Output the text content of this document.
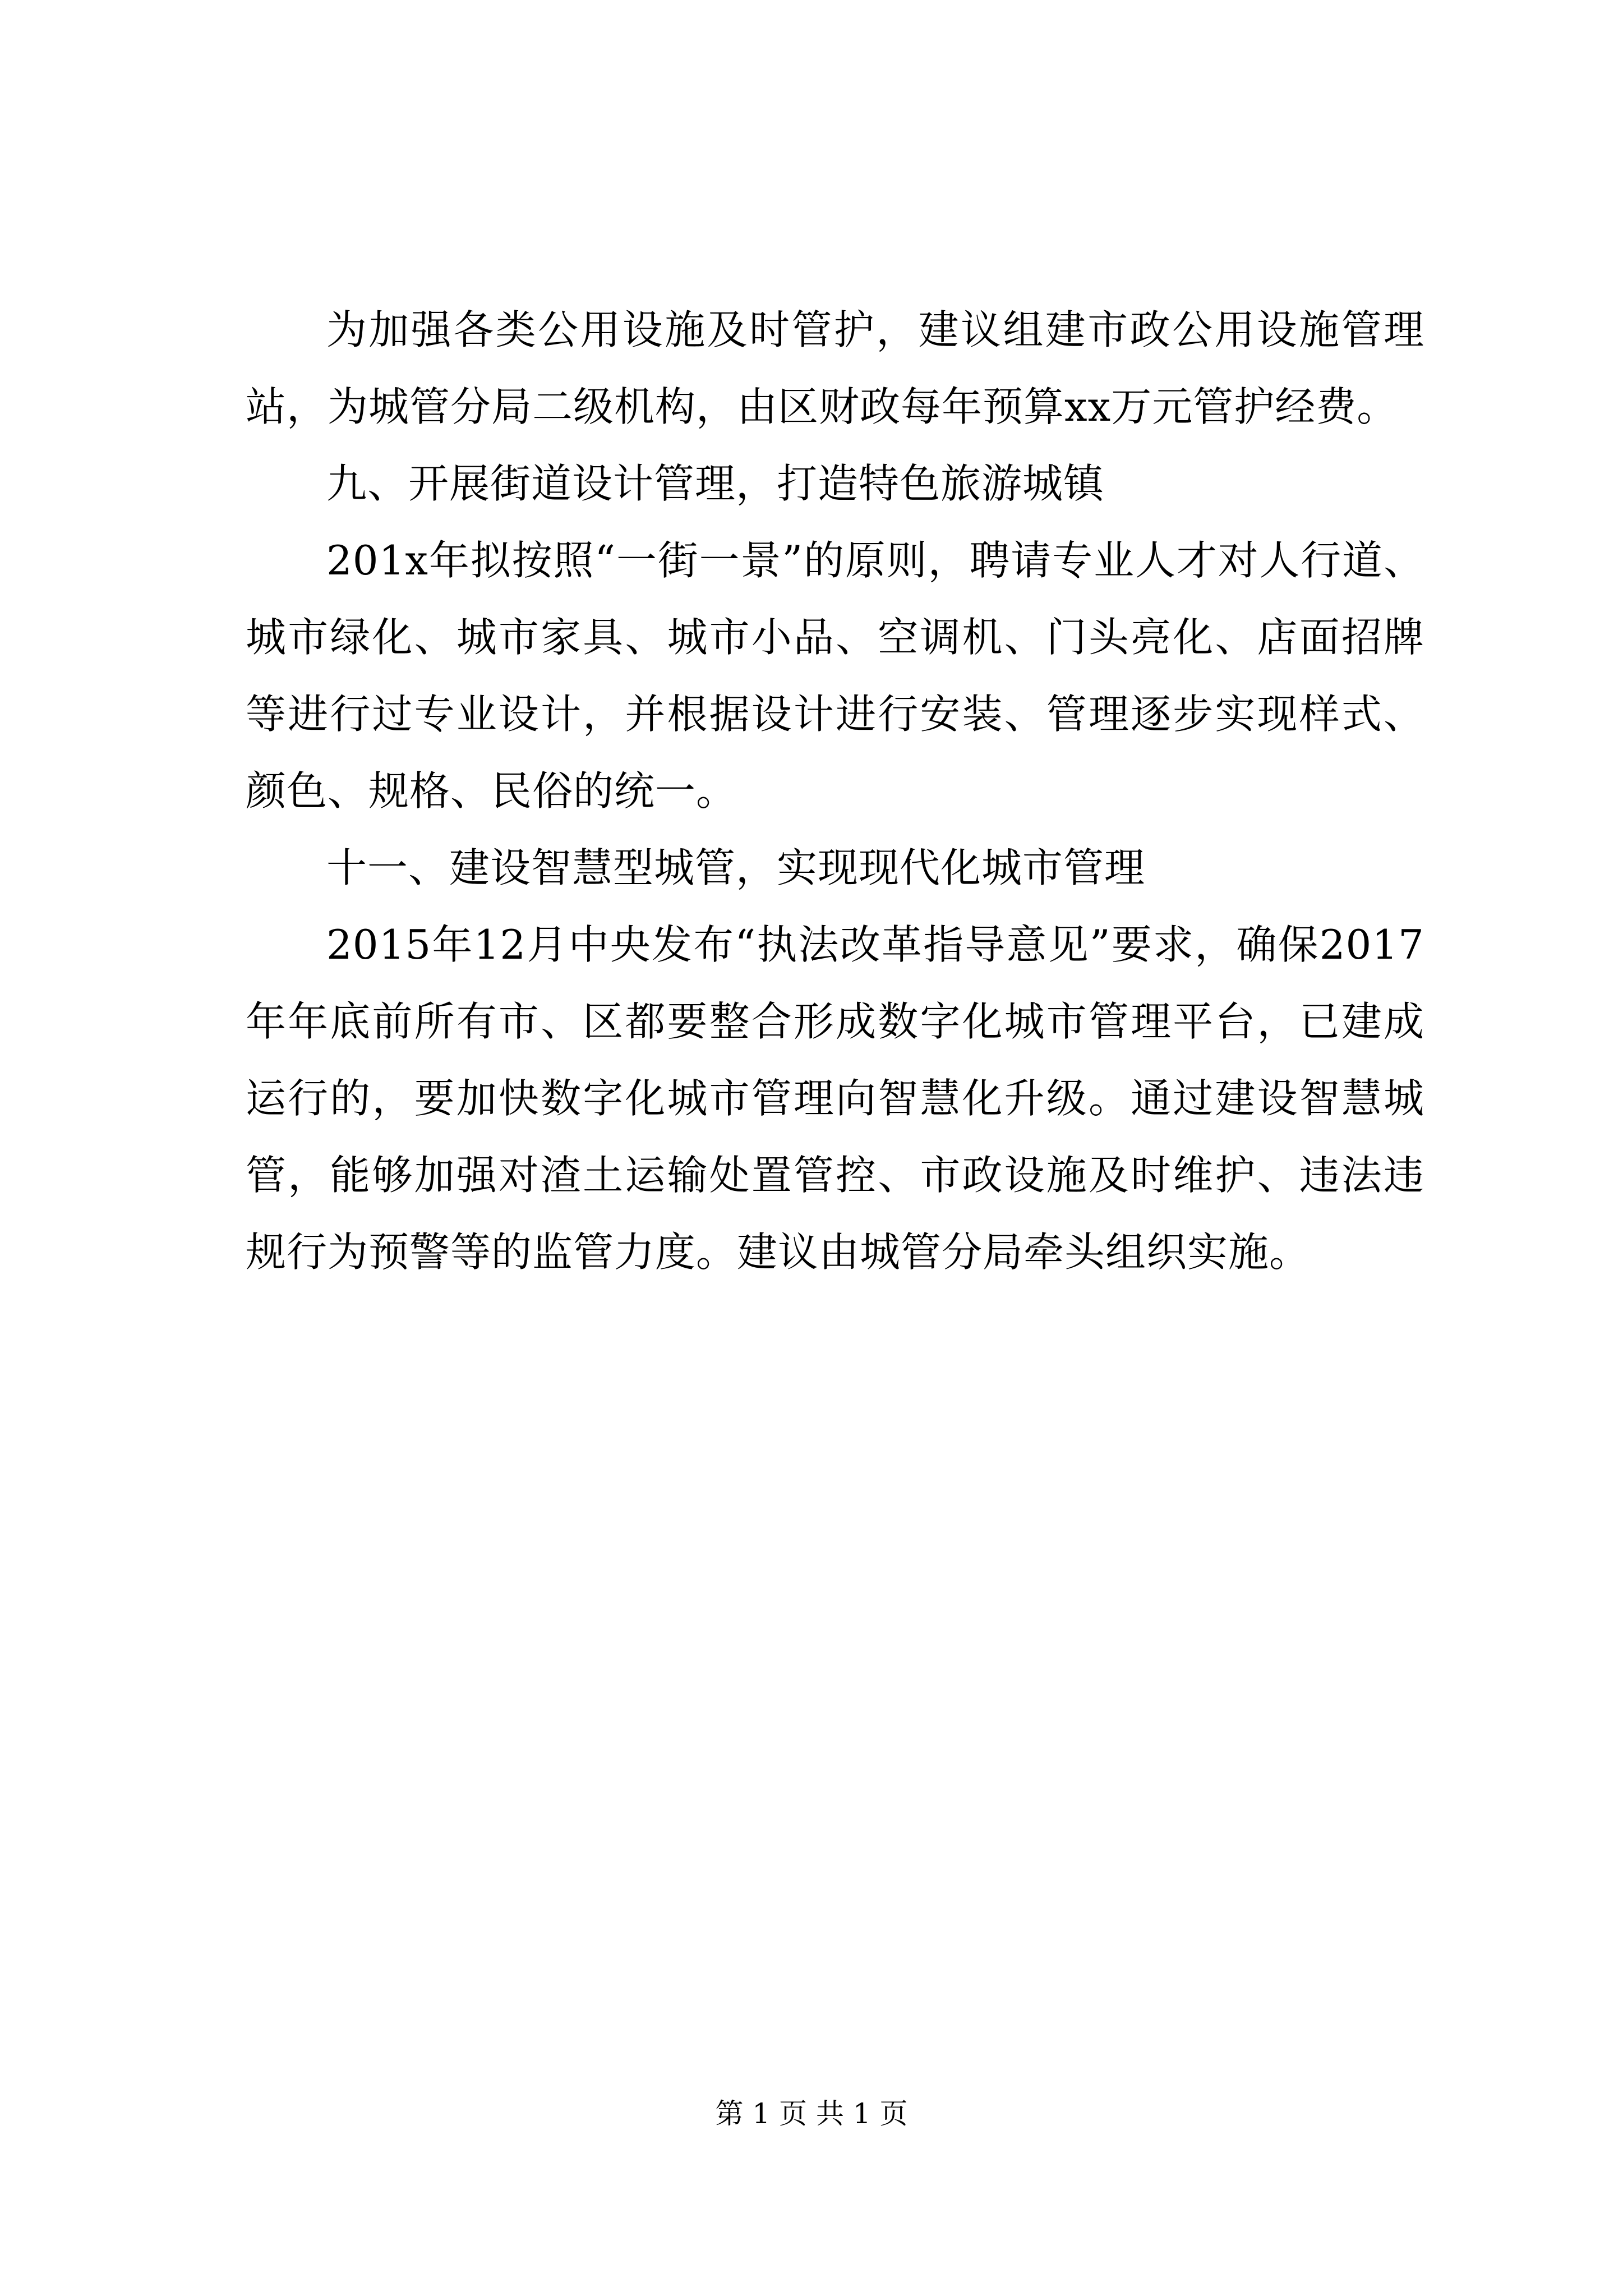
为加强各类公用设施及时管护，建议组建市政公用设施管理站，为城管分局二级机构，由区财政每年预算xx万元管护经费。

九、开展街道设计管理，打造特色旅游城镇

201x年拟按照“一街一景”的原则，聘请专业人才对人行道、城市绿化、城市家具、城市小品、空调机、门头亮化、店面招牌等进行过专业设计，并根据设计进行安装、管理逐步实现样式、颜色、规格、民俗的统一。

十一、建设智慧型城管，实现现代化城市管理

2015年12月中央发布“执法改革指导意见”要求，确保2017年年底前所有市、区都要整合形成数字化城市管理平台，已建成运行的，要加快数字化城市管理向智慧化升级。通过建设智慧城管，能够加强对渣土运输处置管控、市政设施及时维护、违法违规行为预警等的监管力度。建议由城管分局牵头组织实施。

第 1 页 共 1 页
